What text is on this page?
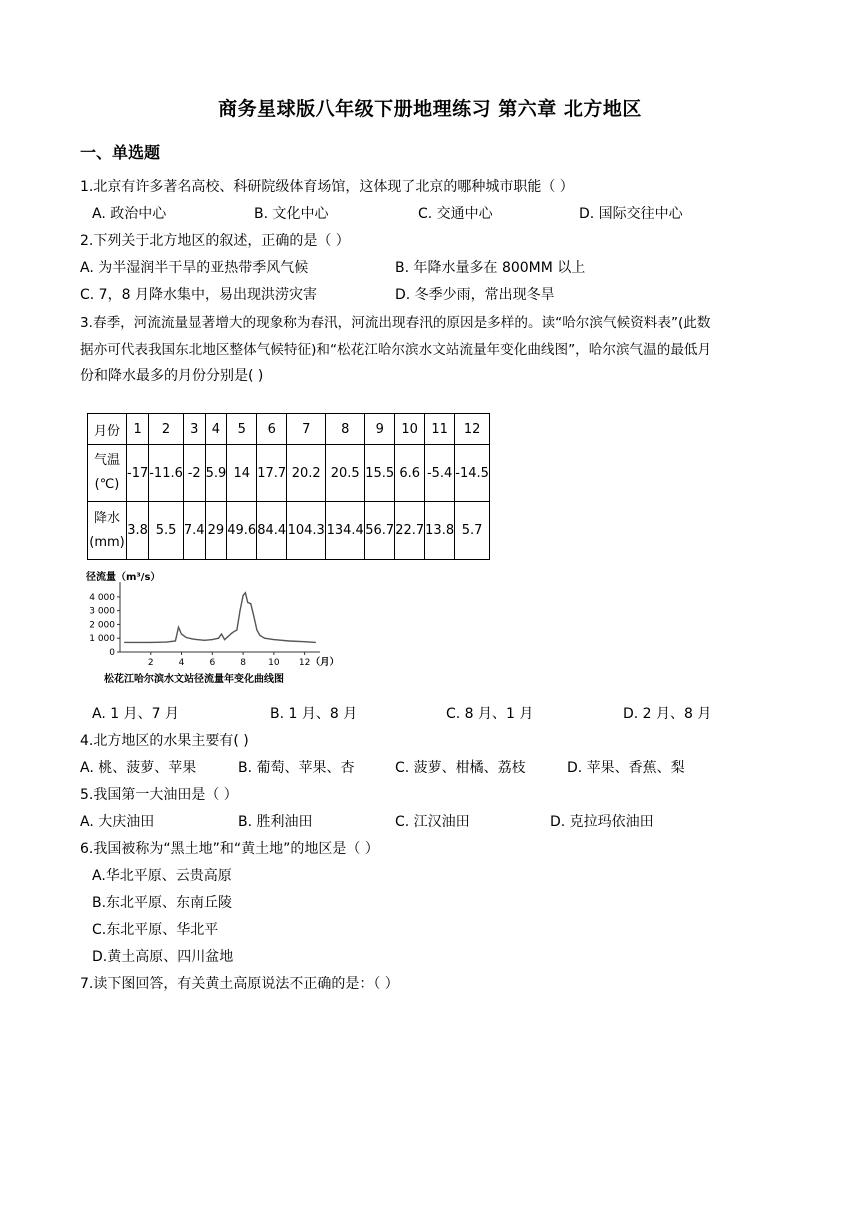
商务星球版八年级下册地理练习 第六章 北方地区
一、单选题
1.北京有许多著名高校、科研院级体育场馆，这体现了北京的哪种城市职能（ ）
A. 政治中心	B. 文化中心	C. 交通中心	D. 国际交往中心
2.下列关于北方地区的叙述，正确的是（ ）
A. 为半湿润半干旱的亚热带季风气候	B. 年降水量多在 800MM 以上
C. 7，8 月降水集中，易出现洪涝灾害	D. 冬季少雨，常出现冬旱
3.春季，河流流量显著增大的现象称为春汛，河流出现春汛的原因是多样的。读“哈尔滨气候资料表”(此数
据亦可代表我国东北地区整体气候特征)和“松花江哈尔滨水文站流量年变化曲线图”，哈尔滨气温的最低月
份和降水最多的月份分别是( )
月份	1	2	3	4	5	6	7	8	9	10	11	12
气温
(℃)	-17	-11.6	-2	5.9	14	17.7	20.2	20.5	15.5	6.6	-5.4	-14.5
降水
(mm)	3.8	5.5	7.4	29	49.6	84.4	104.3	134.4	56.7	22.7	13.8	5.7
径流量（m³/s）
4 000
3 000
2 000
1 000
0
2	4	6	8 10 12 （月）
松花江哈尔滨水文站径流量年变化曲线图
A. 1 月、7 月	B. 1 月、8 月	C. 8 月、1 月	D. 2 月、8 月
4.北方地区的水果主要有( )
A. 桃、菠萝、苹果	B. 葡萄、苹果、杏	C. 菠萝、柑橘、荔枝	D. 苹果、香蕉、梨
5.我国第一大油田是（ ）
A. 大庆油田	B. 胜利油田	C. 江汉油田	D. 克拉玛依油田
6.我国被称为“黑土地”和“黄土地”的地区是（ ）
A.华北平原、云贵高原
B.东北平原、东南丘陵
C.东北平原、华北平
D.黄土高原、四川盆地
7.读下图回答，有关黄土高原说法不正确的是：（ ）
